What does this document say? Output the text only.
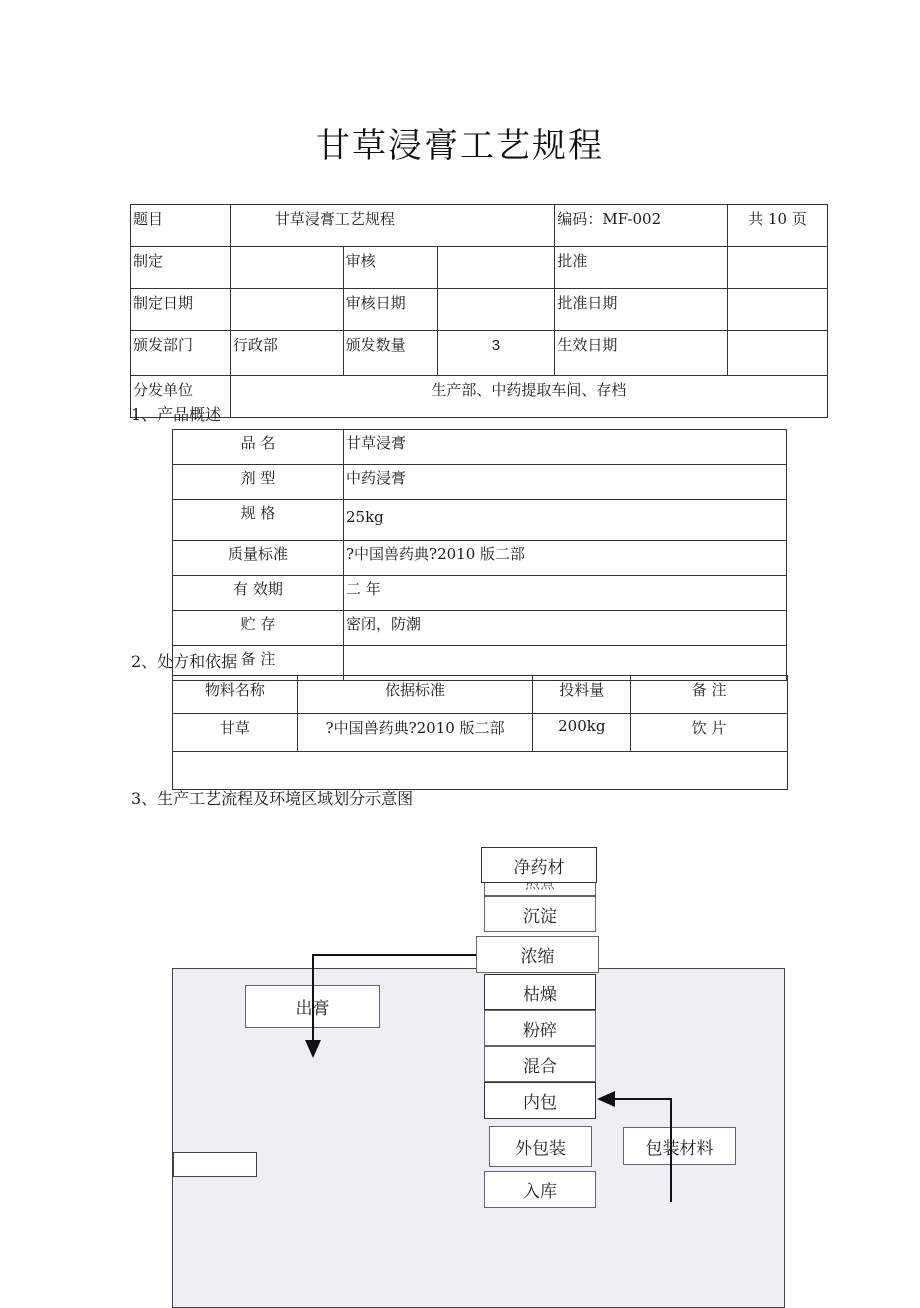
甘草浸膏工艺规程
题目	甘草浸膏工艺规程			编码：MF-002	共 10 页
制定		审核		批准	
制定日期		审核日期		批准日期	
颁发部门	行政部	颁发数量	3	生效日期	
分发单位	生产部、中药提取车间、存档				
1、产品概述
品 名	甘草浸膏
剂 型	中药浸膏
规 格	25kg
质量标准	?中国兽药典?2010 版二部
有 效期	二 年
贮 存	密闭，防潮
备 注	
2、处方和依据
物料名称	依据标准	投料量	备 注
甘草	?中国兽药典?2010 版二部	200kg	饮 片

3、生产工艺流程及环境区域划分示意图
净药材
沉淀
浓缩
枯燥
粉碎
混合
内包
外包装
入库
出膏
包装材料
